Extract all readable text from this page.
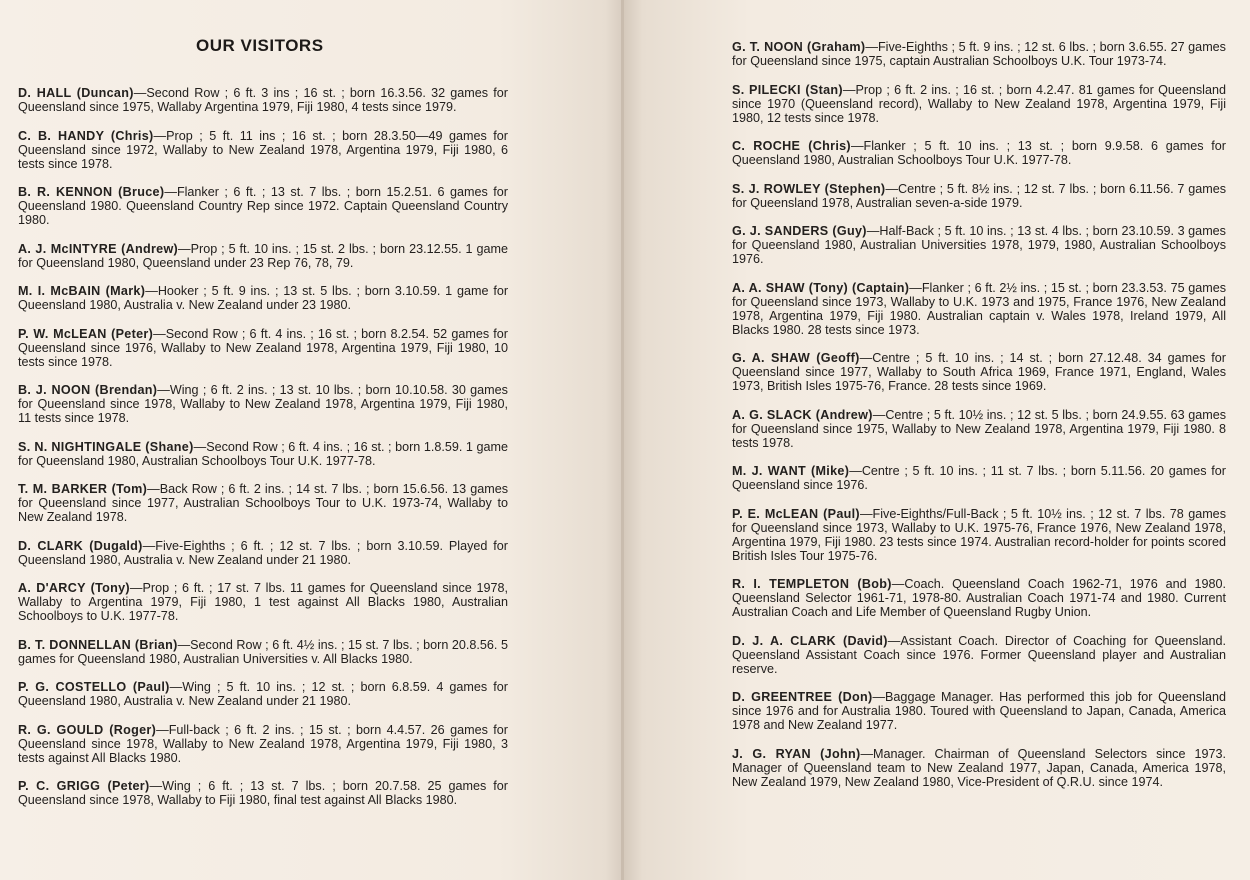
OUR VISITORS

D. HALL (Duncan)—Second Row ; 6 ft. 3 ins ; 16 st. ; born 16.3.56. 32 games for Queensland since 1975, Wallaby Argentina 1979, Fiji 1980, 4 tests since 1979.

C. B. HANDY (Chris)—Prop ; 5 ft. 11 ins ; 16 st. ; born 28.3.50—49 games for Queensland since 1972, Wallaby to New Zealand 1978, Argentina 1979, Fiji 1980, 6 tests since 1978.

B. R. KENNON (Bruce)—Flanker ; 6 ft. ; 13 st. 7 lbs. ; born 15.2.51. 6 games for Queensland 1980. Queensland Country Rep since 1972. Captain Queensland Country 1980.

A. J. McINTYRE (Andrew)—Prop ; 5 ft. 10 ins. ; 15 st. 2 lbs. ; born 23.12.55. 1 game for Queensland 1980, Queensland under 23 Rep 76, 78, 79.

M. I. McBAIN (Mark)—Hooker ; 5 ft. 9 ins. ; 13 st. 5 lbs. ; born 3.10.59. 1 game for Queensland 1980, Australia v. New Zealand under 23 1980.

P. W. McLEAN (Peter)—Second Row ; 6 ft. 4 ins. ; 16 st. ; born 8.2.54. 52 games for Queensland since 1976, Wallaby to New Zealand 1978, Argentina 1979, Fiji 1980, 10 tests since 1978.

B. J. NOON (Brendan)—Wing ; 6 ft. 2 ins. ; 13 st. 10 lbs. ; born 10.10.58. 30 games for Queensland since 1978, Wallaby to New Zealand 1978, Argentina 1979, Fiji 1980, 11 tests since 1978.

S. N. NIGHTINGALE (Shane)—Second Row ; 6 ft. 4 ins. ; 16 st. ; born 1.8.59. 1 game for Queensland 1980, Australian Schoolboys Tour U.K. 1977-78.

T. M. BARKER (Tom)—Back Row ; 6 ft. 2 ins. ; 14 st. 7 lbs. ; born 15.6.56. 13 games for Queensland since 1977, Australian Schoolboys Tour to U.K. 1973-74, Wallaby to New Zealand 1978.

D. CLARK (Dugald)—Five-Eighths ; 6 ft. ; 12 st. 7 lbs. ; born 3.10.59. Played for Queensland 1980, Australia v. New Zealand under 21 1980.

A. D'ARCY (Tony)—Prop ; 6 ft. ; 17 st. 7 lbs. 11 games for Queensland since 1978, Wallaby to Argentina 1979, Fiji 1980, 1 test against All Blacks 1980, Australian Schoolboys to U.K. 1977-78.

B. T. DONNELLAN (Brian)—Second Row ; 6 ft. 4½ ins. ; 15 st. 7 lbs. ; born 20.8.56. 5 games for Queensland 1980, Australian Universities v. All Blacks 1980.

P. G. COSTELLO (Paul)—Wing ; 5 ft. 10 ins. ; 12 st. ; born 6.8.59. 4 games for Queensland 1980, Australia v. New Zealand under 21 1980.

R. G. GOULD (Roger)—Full-back ; 6 ft. 2 ins. ; 15 st. ; born 4.4.57. 26 games for Queensland since 1978, Wallaby to New Zealand 1978, Argentina 1979, Fiji 1980, 3 tests against All Blacks 1980.

P. C. GRIGG (Peter)—Wing ; 6 ft. ; 13 st. 7 lbs. ; born 20.7.58. 25 games for Queensland since 1978, Wallaby to Fiji 1980, final test against All Blacks 1980.

G. T. NOON (Graham)—Five-Eighths ; 5 ft. 9 ins. ; 12 st. 6 lbs. ; born 3.6.55. 27 games for Queensland since 1975, captain Australian Schoolboys U.K. Tour 1973-74.

S. PILECKI (Stan)—Prop ; 6 ft. 2 ins. ; 16 st. ; born 4.2.47. 81 games for Queensland since 1970 (Queensland record), Wallaby to New Zealand 1978, Argentina 1979, Fiji 1980, 12 tests since 1978.

C. ROCHE (Chris)—Flanker ; 5 ft. 10 ins. ; 13 st. ; born 9.9.58. 6 games for Queensland 1980, Australian Schoolboys Tour U.K. 1977-78.

S. J. ROWLEY (Stephen)—Centre ; 5 ft. 8½ ins. ; 12 st. 7 lbs. ; born 6.11.56. 7 games for Queensland 1978, Australian seven-a-side 1979.

G. J. SANDERS (Guy)—Half-Back ; 5 ft. 10 ins. ; 13 st. 4 lbs. ; born 23.10.59. 3 games for Queensland 1980, Australian Universities 1978, 1979, 1980, Australian Schoolboys 1976.

A. A. SHAW (Tony) (Captain)—Flanker ; 6 ft. 2½ ins. ; 15 st. ; born 23.3.53. 75 games for Queensland since 1973, Wallaby to U.K. 1973 and 1975, France 1976, New Zealand 1978, Argentina 1979, Fiji 1980. Australian captain v. Wales 1978, Ireland 1979, All Blacks 1980. 28 tests since 1973.

G. A. SHAW (Geoff)—Centre ; 5 ft. 10 ins. ; 14 st. ; born 27.12.48. 34 games for Queensland since 1977, Wallaby to South Africa 1969, France 1971, England, Wales 1973, British Isles 1975-76, France. 28 tests since 1969.

A. G. SLACK (Andrew)—Centre ; 5 ft. 10½ ins. ; 12 st. 5 lbs. ; born 24.9.55. 63 games for Queensland since 1975, Wallaby to New Zealand 1978, Argentina 1979, Fiji 1980. 8 tests 1978.

M. J. WANT (Mike)—Centre ; 5 ft. 10 ins. ; 11 st. 7 lbs. ; born 5.11.56. 20 games for Queensland since 1976.

P. E. McLEAN (Paul)—Five-Eighths/Full-Back ; 5 ft. 10½ ins. ; 12 st. 7 lbs. 78 games for Queensland since 1973, Wallaby to U.K. 1975-76, France 1976, New Zealand 1978, Argentina 1979, Fiji 1980. 23 tests since 1974. Australian record-holder for points scored British Isles Tour 1975-76.

R. I. TEMPLETON (Bob)—Coach. Queensland Coach 1962-71, 1976 and 1980. Queensland Selector 1961-71, 1978-80. Australian Coach 1971-74 and 1980. Current Australian Coach and Life Member of Queensland Rugby Union.

D. J. A. CLARK (David)—Assistant Coach. Director of Coaching for Queensland. Queensland Assistant Coach since 1976. Former Queensland player and Australian reserve.

D. GREENTREE (Don)—Baggage Manager. Has performed this job for Queensland since 1976 and for Australia 1980. Toured with Queensland to Japan, Canada, America 1978 and New Zealand 1977.

J. G. RYAN (John)—Manager. Chairman of Queensland Selectors since 1973. Manager of Queensland team to New Zealand 1977, Japan, Canada, America 1978, New Zealand 1979, New Zealand 1980, Vice-President of Q.R.U. since 1974.
